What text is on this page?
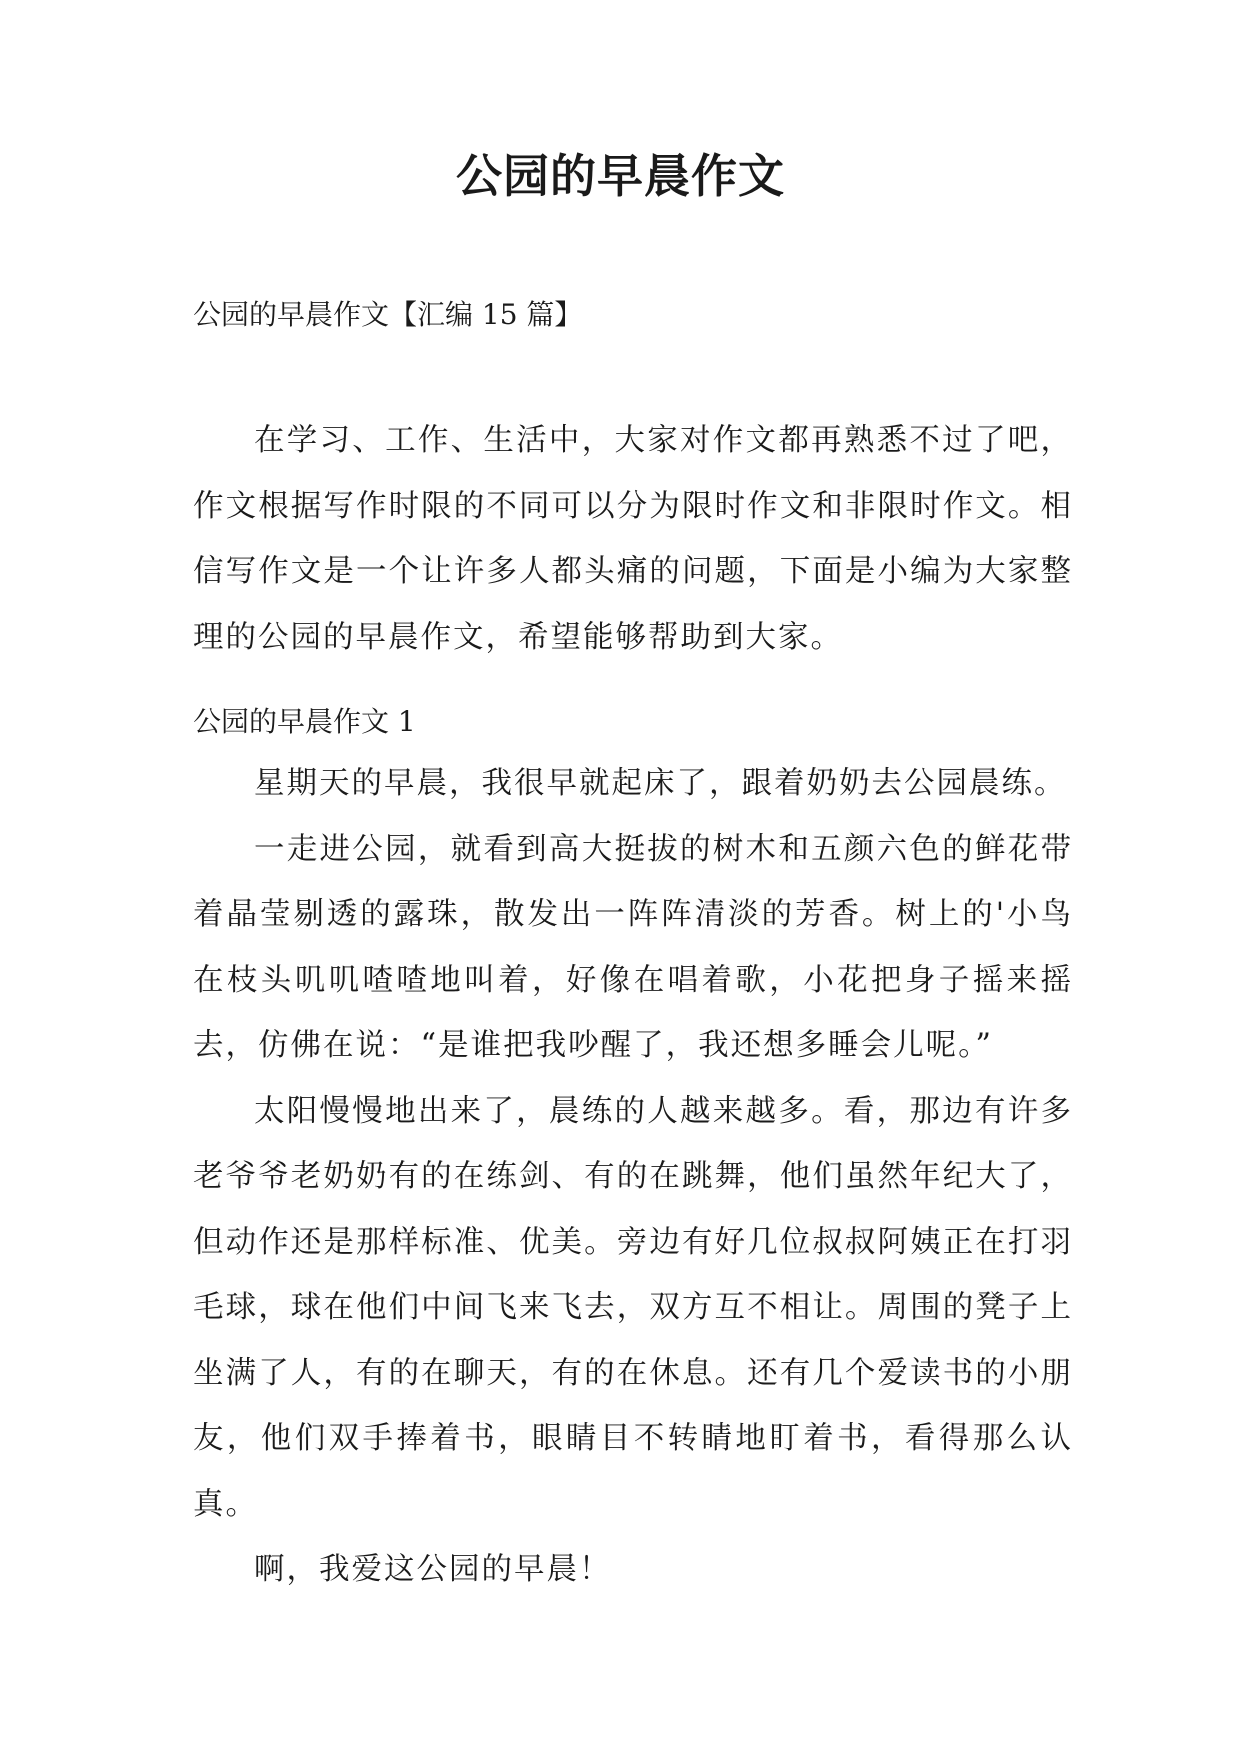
公园的早晨作文
公园的早晨作文【汇编 15 篇】

在学习、工作、生活中，大家对作文都再熟悉不过了吧，作文根据写作时限的不同可以分为限时作文和非限时作文。相信写作文是一个让许多人都头痛的问题，下面是小编为大家整理的公园的早晨作文，希望能够帮助到大家。

公园的早晨作文 1

星期天的早晨，我很早就起床了，跟着奶奶去公园晨练。

一走进公园，就看到高大挺拔的树木和五颜六色的鲜花带着晶莹剔透的露珠，散发出一阵阵清淡的芳香。树上的'小鸟在枝头叽叽喳喳地叫着，好像在唱着歌，小花把身子摇来摇去，仿佛在说：“是谁把我吵醒了，我还想多睡会儿呢。”

太阳慢慢地出来了，晨练的人越来越多。看，那边有许多老爷爷老奶奶有的在练剑、有的在跳舞，他们虽然年纪大了，但动作还是那样标准、优美。旁边有好几位叔叔阿姨正在打羽毛球，球在他们中间飞来飞去，双方互不相让。周围的凳子上坐满了人，有的在聊天，有的在休息。还有几个爱读书的小朋友，他们双手捧着书，眼睛目不转睛地盯着书，看得那么认真。

啊，我爱这公园的早晨！
